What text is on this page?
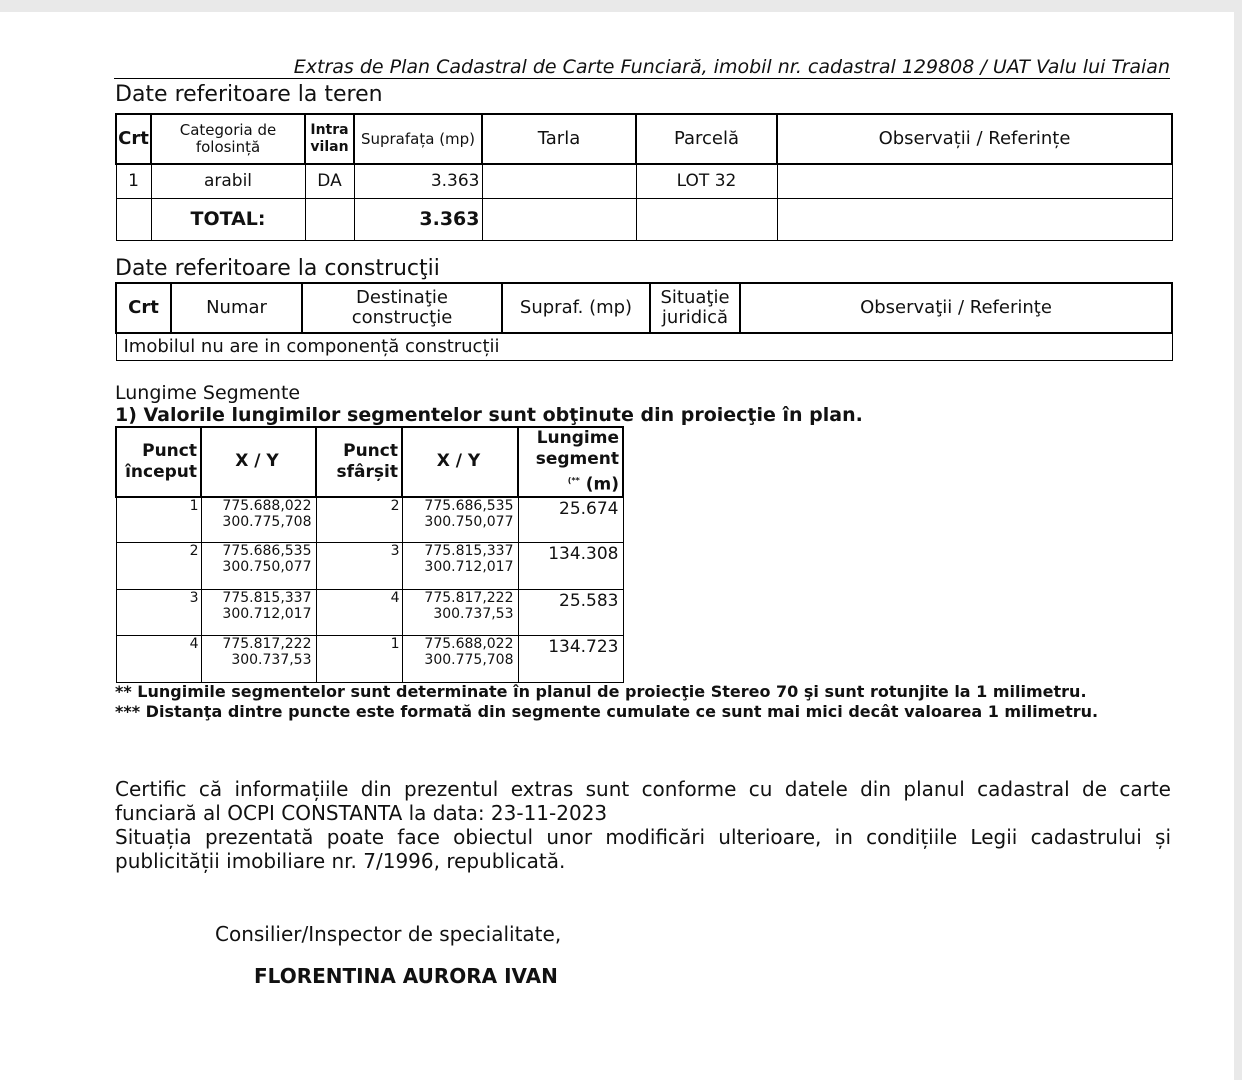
Extras de Plan Cadastral de Carte Funciară, imobil nr. cadastral 129808 / UAT Valu lui Traian
Date referitoare la teren
Crt	Categoria de folosință	Intra vilan	Suprafața (mp)	Tarla	Parcelă	Observații / Referințe
1	arabil	DA	3.363		LOT 32	
	TOTAL:		3.363			
Date referitoare la construcţii
Crt	Numar	Destinaţie construcţie	Supraf. (mp)	Situaţie juridică	Observaţii / Referinţe
Imobilul nu are in componență construcții
Lungime Segmente
1) Valorile lungimilor segmentelor sunt obţinute din proiecţie în plan.
Punct început	X / Y	Punct sfârșit	X / Y	Lungime segment
(** (m)
1	775.688,022
300.775,708	2	775.686,535
300.750,077	25.674
2	775.686,535
300.750,077	3	775.815,337
300.712,017	134.308
3	775.815,337
300.712,017	4	775.817,222
300.737,53	25.583
4	775.817,222
300.737,53	1	775.688,022
300.775,708	134.723
** Lungimile segmentelor sunt determinate în planul de proiecţie Stereo 70 şi sunt rotunjite la 1 milimetru.
*** Distanţa dintre puncte este formată din segmente cumulate ce sunt mai mici decât valoarea 1 milimetru.

Certific că informațiile din prezentul extras sunt conforme cu datele din planul cadastral de carte funciară al OCPI CONSTANTA la data: 23-11-2023

Situația prezentată poate face obiectul unor modificări ulterioare, in condițiile Legii cadastrului și publicității imobiliare nr. 7/1996, republicată.

Consilier/Inspector de specialitate,
FLORENTINA AURORA IVAN
